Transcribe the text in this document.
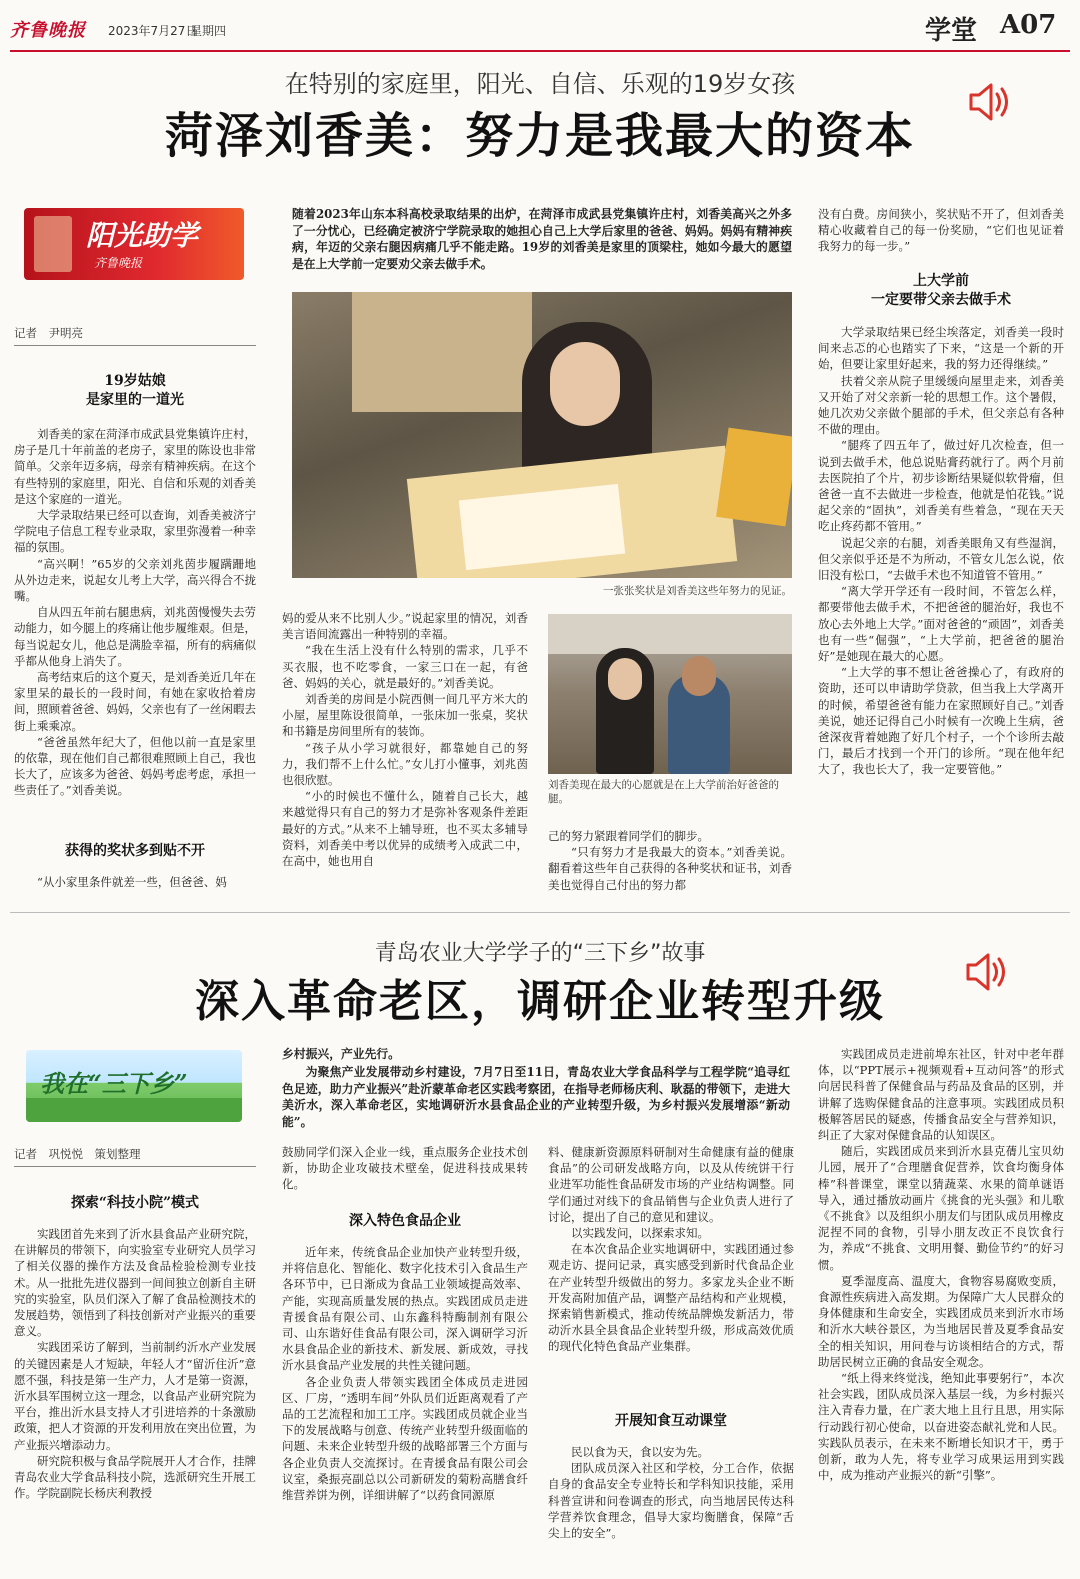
齐鲁晚报 2023年7月27日
星期四	学堂 A07
在特别的家庭里，阳光、自信、乐观的19岁女孩
菏泽刘香美：努力是我最大的资本
阳光助学
齐鲁晚报
记者　尹明亮
19岁姑娘
是家里的一道光

刘香美的家在菏泽市成武县党集镇许庄村，房子是几十年前盖的老房子，家里的陈设也非常简单。父亲年迈多病，母亲有精神疾病。在这个有些特别的家庭里，阳光、自信和乐观的刘香美是这个家庭的一道光。

大学录取结果已经可以查询，刘香美被济宁学院电子信息工程专业录取，家里弥漫着一种幸福的氛围。

“高兴啊！”65岁的父亲刘兆茵步履蹒跚地从外边走来，说起女儿考上大学，高兴得合不拢嘴。

自从四五年前右腿患病，刘兆茵慢慢失去劳动能力，如今腿上的疼痛让他步履维艰。但是，每当说起女儿，他总是满脸幸福，所有的病痛似乎都从他身上消失了。

高考结束后的这个夏天，是刘香美近几年在家里呆的最长的一段时间，有她在家收拾着房间，照顾着爸爸、妈妈，父亲也有了一丝闲暇去街上乘乘凉。

“爸爸虽然年纪大了，但他以前一直是家里的依靠，现在他们自己都很难照顾上自己，我也长大了，应该多为爸爸、妈妈考虑考虑，承担一些责任了。”刘香美说。

获得的奖状多到贴不开

“从小家里条件就差一些，但爸爸、妈

随着2023年山东本科高校录取结果的出炉，在菏泽市成武县党集镇许庄村，刘香美高兴之外多了一分忧心，已经确定被济宁学院录取的她担心自己上大学后家里的爸爸、妈妈。妈妈有精神疾病，年迈的父亲右腿因病痛几乎不能走路。19岁的刘香美是家里的顶梁柱，她如今最大的愿望是在上大学前一定要劝父亲去做手术。
一张张奖状是刘香美这些年努力的见证。

妈的爱从来不比别人少。”说起家里的情况，刘香美言语间流露出一种特别的幸福。

“我在生活上没有什么特别的需求，几乎不买衣服，也不吃零食，一家三口在一起，有爸爸、妈妈的关心，就是最好的。”刘香美说。

刘香美的房间是小院西侧一间几平方米大的小屋，屋里陈设很简单，一张床加一张桌，奖状和书籍是房间里所有的装饰。

“孩子从小学习就很好，都靠她自己的努力，我们帮不上什么忙。”女儿打小懂事，刘兆茵也很欣慰。

“小的时候也不懂什么，随着自己长大，越来越觉得只有自己的努力才是弥补客观条件差距最好的方式。”从来不上辅导班，也不买太多辅导资料，刘香美中考以优异的成绩考入成武二中，在高中，她也用自

刘香美现在最大的心愿就是在上大学前治好爸爸的腿。

己的努力紧跟着同学们的脚步。

“只有努力才是我最大的资本。”刘香美说。翻看着这些年自己获得的各种奖状和证书，刘香美也觉得自己付出的努力都

没有白费。房间狭小，奖状贴不开了，但刘香美精心收藏着自己的每一份奖励，“它们也见证着我努力的每一步。”

上大学前
一定要带父亲去做手术

大学录取结果已经尘埃落定，刘香美一段时间来忐忑的心也踏实了下来，“这是一个新的开始，但要让家里好起来，我的努力还得继续。”

扶着父亲从院子里缓缓向屋里走来，刘香美又开始了对父亲新一轮的思想工作。这个暑假，她几次劝父亲做个腿部的手术，但父亲总有各种不做的理由。

“腿疼了四五年了，做过好几次检查，但一说到去做手术，他总说贴膏药就行了。两个月前去医院拍了个片，初步诊断结果疑似软骨瘤，但爸爸一直不去做进一步检查，他就是怕花钱。”说起父亲的“固执”，刘香美有些着急，“现在天天吃止疼药都不管用。”

说起父亲的右腿，刘香美眼角又有些湿润，但父亲似乎还是不为所动，不管女儿怎么说，依旧没有松口，“去做手术也不知道管不管用。”

“离大学开学还有一段时间，不管怎么样，都要带他去做手术，不把爸爸的腿治好，我也不放心去外地上大学。”面对爸爸的“顽固”，刘香美也有一些“倔强”，“上大学前，把爸爸的腿治好”是她现在最大的心愿。

“上大学的事不想让爸爸操心了，有政府的资助，还可以申请助学贷款，但当我上大学离开的时候，希望爸爸有能力在家照顾好自己。”刘香美说，她还记得自己小时候有一次晚上生病，爸爸深夜背着她跑了好几个村子，一个个诊所去敲门，最后才找到一个开门的诊所。“现在他年纪大了，我也长大了，我一定要管他。”

青岛农业大学学子的“三下乡”故事
深入革命老区，调研企业转型升级
我在“三下乡”
记者　巩悦悦　策划整理
探索“科技小院”模式

实践团首先来到了沂水县食品产业研究院，在讲解员的带领下，向实验室专业研究人员学习了相关仪器的操作方法及食品检验检测专业技术。从一批批先进仪器到一间间独立创新自主研究的实验室，队员们深入了解了食品检测技术的发展趋势，领悟到了科技创新对产业振兴的重要意义。

实践团采访了解到，当前制约沂水产业发展的关键因素是人才短缺，年轻人才“留沂住沂”意愿不强，科技是第一生产力，人才是第一资源，沂水县军围树立这一理念，以食品产业研究院为平台，推出沂水县支持人才引进培养的十条激励政策，把人才资源的开发利用放在突出位置，为产业振兴增添动力。

研究院积极与食品学院展开人才合作，挂牌青岛农业大学食品科技小院，选派研究生开展工作。学院副院长杨庆利教授

乡村振兴，产业先行。
为聚焦产业发展带动乡村建设，7月7日至11日，青岛农业大学食品科学与工程学院“追寻红色足迹，助力产业振兴”赴沂蒙革命老区实践考察团，在指导老师杨庆利、耿磊的带领下，走进大美沂水，深入革命老区，实地调研沂水县食品企业的产业转型升级，为乡村振兴发展增添“新动能”。

鼓励同学们深入企业一线，重点服务企业技术创新，协助企业攻破技术壁垒，促进科技成果转化。

深入特色食品企业

近年来，传统食品企业加快产业转型升级，并将信息化、智能化、数字化技术引入食品生产各环节中，已日渐成为食品工业领域提高效率、产能，实现高质量发展的热点。实践团成员走进青援食品有限公司、山东鑫科特酶制剂有限公司、山东谐好佳食品有限公司，深入调研学习沂水县食品企业的新技术、新发展、新成效，寻找沂水县食品产业发展的共性关键问题。

各企业负责人带领实践团全体成员走进园区、厂房，“透明车间”外队员们近距离观看了产品的工艺流程和加工工序。实践团成员就企业当下的发展战略与创意、传统产业转型升级面临的问题、未来企业转型升级的战略部署三个方面与各企业负责人交流探讨。在青援食品有限公司会议室，桑振亮副总以公司新研发的菊粉高膳食纤维营养饼为例，详细讲解了“以药食同源原

料、健康新资源原料研制对生命健康有益的健康食品”的公司研发战略方向，以及从传统饼干行业进军功能性食品研发市场的产业结构调整。同学们通过对线下的食品销售与企业负责人进行了讨论，提出了自己的意见和建议。

以实践发问，以探索求知。

在本次食品企业实地调研中，实践团通过参观走访、提问记录，真实感受到新时代食品企业在产业转型升级做出的努力。多家龙头企业不断开发高附加值产品，调整产品结构和产业规模，探索销售新模式，推动传统品牌焕发新活力，带动沂水县全县食品企业转型升级，形成高效优质的现代化特色食品产业集群。

开展知食互动课堂

民以食为天，食以安为先。

团队成员深入社区和学校，分工合作，依据自身的食品安全专业特长和学科知识技能，采用科普宣讲和问卷调查的形式，向当地居民传达科学营养饮食理念，倡导大家均衡膳食，保障“舌尖上的安全”。

实践团成员走进前埠东社区，针对中老年群体，以“PPT展示+视频观看+互动问答”的形式向居民科普了保健食品与药品及食品的区别，并讲解了选购保健食品的注意事项。实践团成员积极解答居民的疑惑，传播食品安全与营养知识，纠正了大家对保健食品的认知误区。

随后，实践团成员来到沂水县克蒨儿宝贝幼儿园，展开了“合理膳食促营养，饮食均衡身体棒”科普课堂，课堂以猜蔬菜、水果的简单谜语导入，通过播放动画片《挑食的光头强》和儿歌《不挑食》以及组织小朋友们与团队成员用橡皮泥捏不同的食物，引导小朋友改正不良饮食行为，养成“不挑食、文明用餐、勤俭节约”的好习惯。

夏季湿度高、温度大，食物容易腐败变质，食源性疾病进入高发期。为保障广大人民群众的身体健康和生命安全，实践团成员来到沂水市场和沂水大峡谷景区，为当地居民普及夏季食品安全的相关知识，用问卷与访谈相结合的方式，帮助居民树立正确的食品安全观念。

“纸上得来终觉浅，绝知此事要躬行”，本次社会实践，团队成员深入基层一线，为乡村振兴注入青春力量，在广袤大地上且行且思，用实际行动践行初心使命，以奋进姿态献礼党和人民。实践队员表示，在未来不断增长知识才干，勇于创新，敢为人先，将专业学习成果运用到实践中，成为推动产业振兴的新“引擎”。
